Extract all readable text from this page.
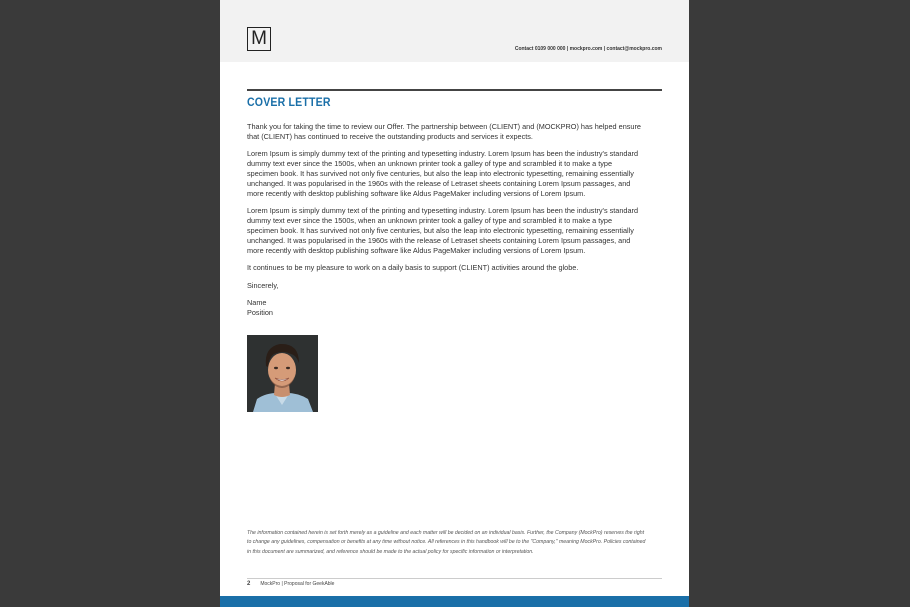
M	Contact 0109 000 000 | mockpro.com | contact@mockpro.com
COVER LETTER

Thank you for taking the time to review our Offer. The partnership between (CLIENT) and (MOCKPRO) has helped ensure that (CLIENT) has continued to receive the outstanding products and services it expects.

Lorem Ipsum is simply dummy text of the printing and typesetting industry. Lorem Ipsum has been the industry's standard dummy text ever since the 1500s, when an unknown printer took a galley of type and scrambled it to make a type specimen book. It has survived not only five centuries, but also the leap into electronic typesetting, remaining essentially unchanged. It was popularised in the 1960s with the release of Letraset sheets containing Lorem Ipsum passages, and more recently with desktop publishing software like Aldus PageMaker including versions of Lorem Ipsum.

Lorem Ipsum is simply dummy text of the printing and typesetting industry. Lorem Ipsum has been the industry's standard dummy text ever since the 1500s, when an unknown printer took a galley of type and scrambled it to make a type specimen book. It has survived not only five centuries, but also the leap into electronic typesetting, remaining essentially unchanged. It was popularised in the 1960s with the release of Letraset sheets containing Lorem Ipsum passages, and more recently with desktop publishing software like Aldus PageMaker including versions of Lorem Ipsum.

It continues to be my pleasure to work on a daily basis to support (CLIENT) activities around the globe.

Sincerely,

Name
Position
The information contained herein is set forth merely as a guideline and each matter will be decided on an individual basis. Further, the Company (MockPro) reserves the right to change any guidelines, compensation or benefits at any time without notice. All references in this handbook will be to the "Company," meaning MockPro. Policies contained in this document are summarized, and reference should be made to the actual policy for specific information or interpretation.
2 MockPro | Proposal for GeekAble
